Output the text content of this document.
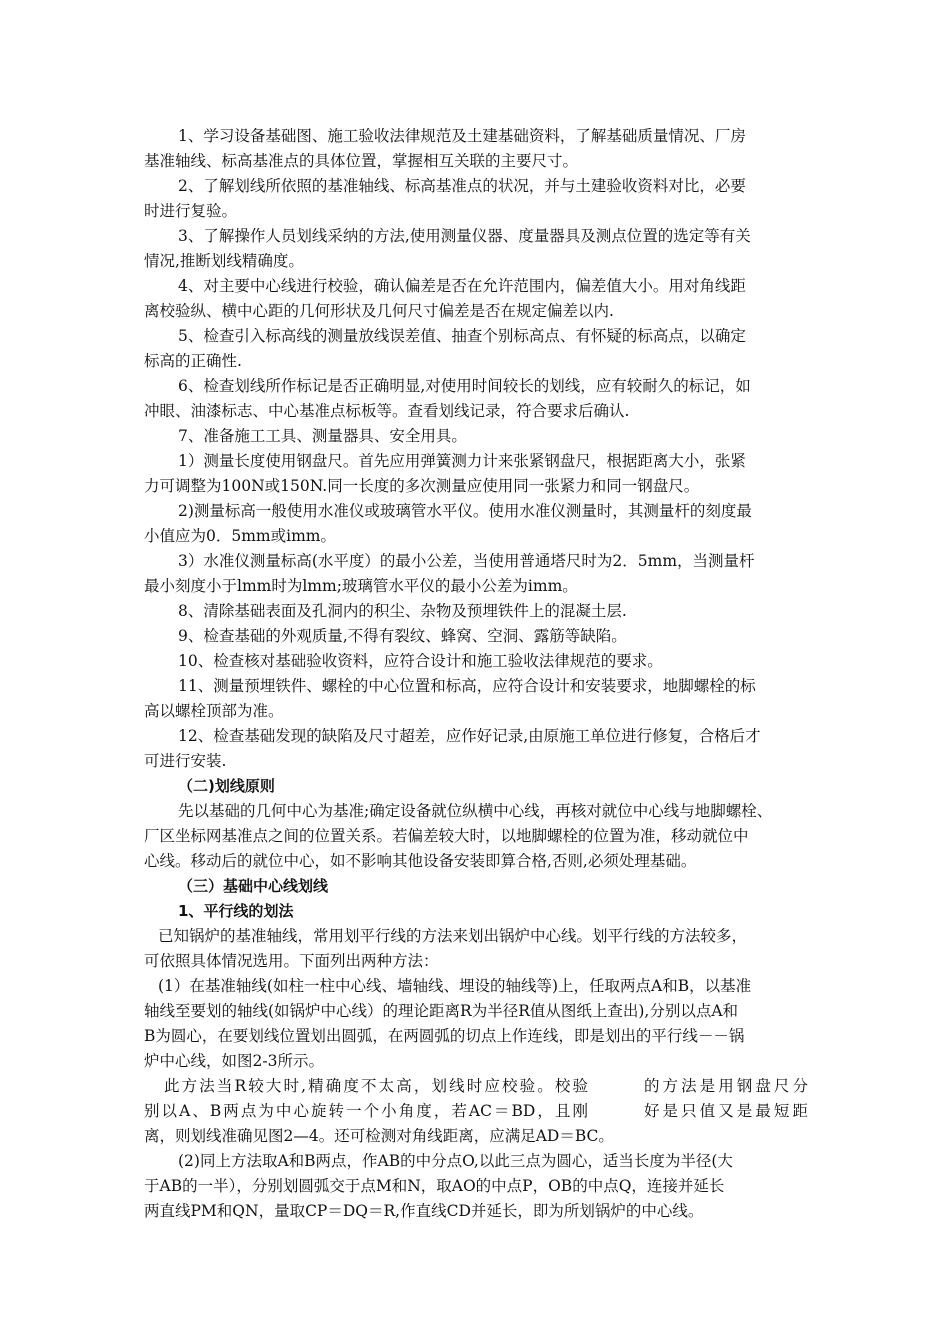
1、学习设备基础图、施工验收法律规范及土建基础资料，了解基础质量情况、厂房
基准轴线、标高基准点的具体位置，掌握相互关联的主要尺寸。
2、了解划线所依照的基准轴线、标高基准点的状况，并与土建验收资料对比，必要
时进行复验。
3、了解操作人员划线采纳的方法,使用测量仪器、度量器具及测点位置的选定等有关
情况,推断划线精确度。
4、对主要中心线进行校验，确认偏差是否在允许范围内，偏差值大小。用对角线距
离校验纵、横中心距的几何形状及几何尺寸偏差是否在规定偏差以内.
5、检查引入标高线的测量放线误差值、抽查个别标高点、有怀疑的标高点，以确定
标高的正确性.
6、检查划线所作标记是否正确明显,对使用时间较长的划线，应有较耐久的标记，如
冲眼、油漆标志、中心基准点标板等。查看划线记录，符合要求后确认.
7、准备施工工具、测量器具、安全用具。
1）测量长度使用钢盘尺。首先应用弹簧测力计来张紧钢盘尺，根据距离大小，张紧
力可调整为100N或150N.同一长度的多次测量应使用同一张紧力和同一钢盘尺。
2)测量标高一般使用水准仪或玻璃管水平仪。使用水准仪测量时，其测量杆的刻度最
小值应为0．5mm或imm。
3）水准仪测量标高(水平度）的最小公差，当使用普通塔尺时为2．5mm，当测量杆
最小刻度小于lmm时为lmm;玻璃管水平仪的最小公差为imm。
8、清除基础表面及孔洞内的积尘、杂物及预埋铁件上的混凝土层.
9、检查基础的外观质量,不得有裂纹、蜂窝、空洞、露筋等缺陷。
10、检查核对基础验收资料，应符合设计和施工验收法律规范的要求。
11、测量预埋铁件、螺栓的中心位置和标高，应符合设计和安装要求，地脚螺栓的标
高以螺栓顶部为准。
12、检查基础发现的缺陷及尺寸超差，应作好记录,由原施工单位进行修复，合格后才
可进行安装.
（二)划线原则
先以基础的几何中心为基准;确定设备就位纵横中心线，再核对就位中心线与地脚螺栓、
厂区坐标网基准点之间的位置关系。若偏差较大时，以地脚螺栓的位置为准，移动就位中
心线。移动后的就位中心，如不影响其他设备安装即算合格,否则,必须处理基础。
（三）基础中心线划线
1、平行线的划法
已知锅炉的基准轴线，常用划平行线的方法来划出锅炉中心线。划平行线的方法较多，
可依照具体情况选用。下面列出两种方法：
(1）在基准轴线(如柱一柱中心线、墙轴线、埋设的轴线等)上，任取两点A和B，以基准
轴线至要划的轴线(如锅炉中心线）的理论距离R为半径R值从图纸上查出),分别以点A和
B为圆心，在要划线位置划出圆弧，在两圆弧的切点上作连线，即是划出的平行线－－锅
炉中心线，如图2-3所示。
此方法当R较大时,精确度不太高，划线时应校验。校验	的方法是用钢盘尺分
别以A、B两点为中心旋转一个小角度，若AC＝BD，且刚	好是只值又是最短距
离，则划线准确见图2—4。还可检测对角线距离，应满足AD＝BC。
(2)同上方法取A和B两点，作AB的中分点O,以此三点为圆心，适当长度为半径(大
于AB的一半），分别划圆弧交于点M和N，取AO的中点P，OB的中点Q，连接并延长
两直线PM和QN，量取CP＝DQ＝R,作直线CD并延长，即为所划锅炉的中心线。
